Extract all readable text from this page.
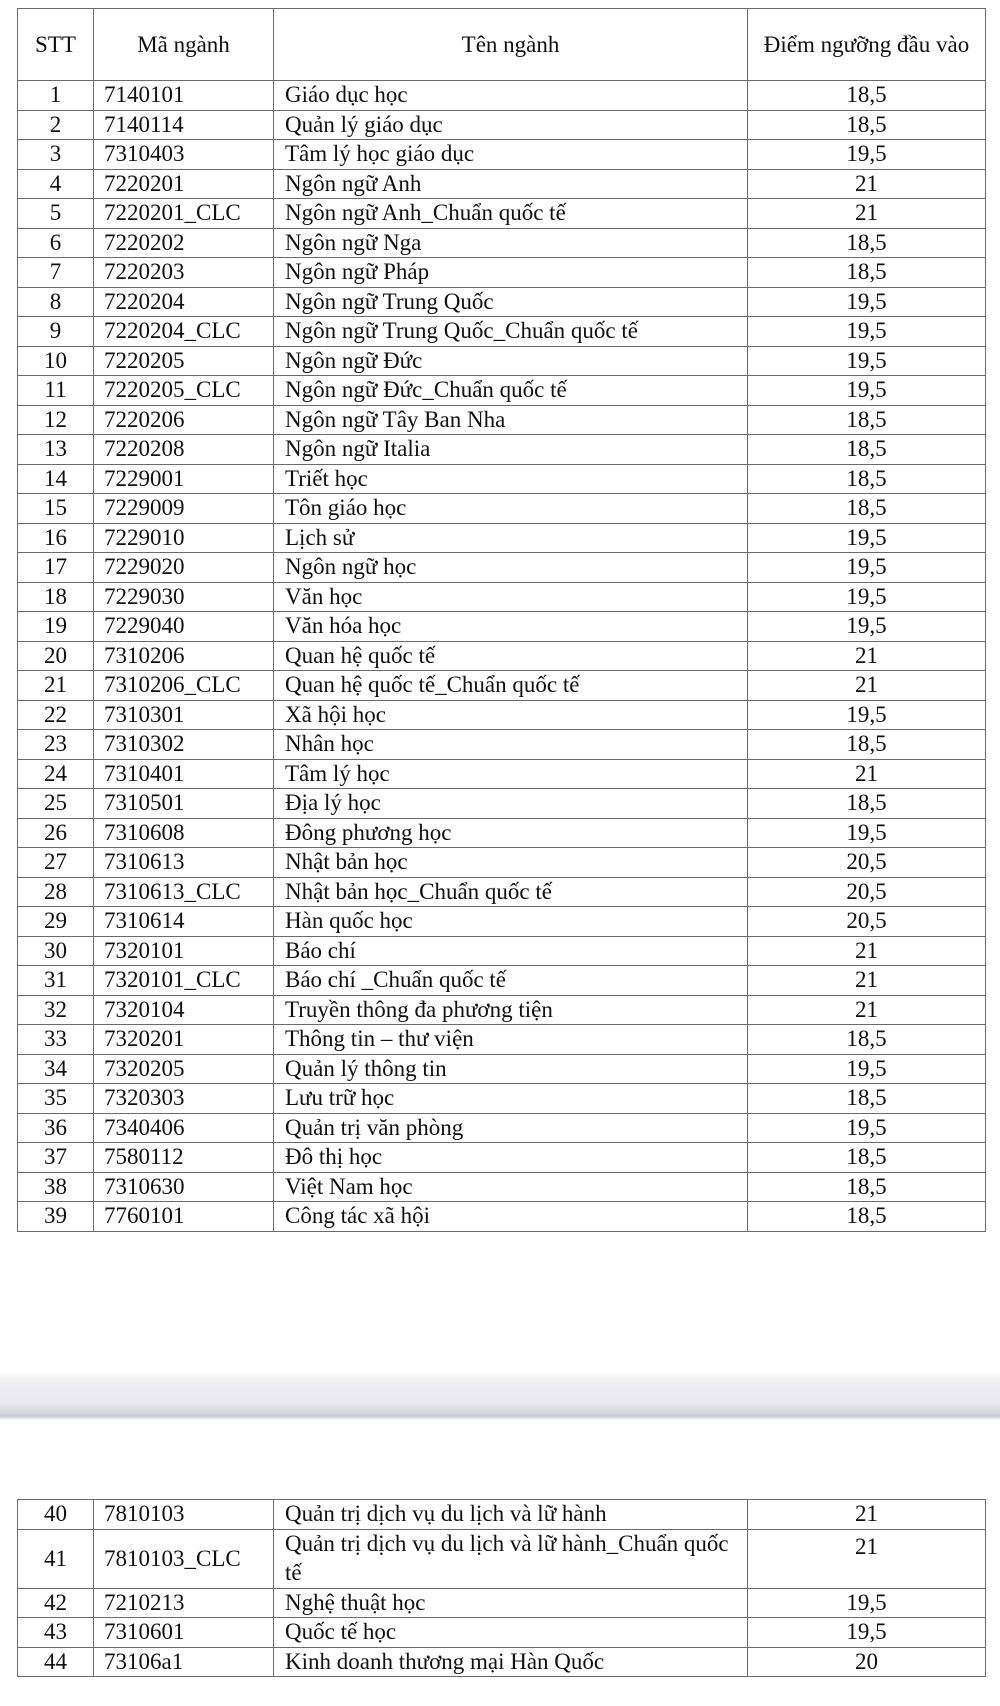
STT	Mã ngành	Tên ngành	Điểm ngưỡng đầu vào
1	7140101	Giáo dục học	18,5
2	7140114	Quản lý giáo dục	18,5
3	7310403	Tâm lý học giáo dục	19,5
4	7220201	Ngôn ngữ Anh	21
5	7220201_CLC	Ngôn ngữ Anh_Chuẩn quốc tế	21
6	7220202	Ngôn ngữ Nga	18,5
7	7220203	Ngôn ngữ Pháp	18,5
8	7220204	Ngôn ngữ Trung Quốc	19,5
9	7220204_CLC	Ngôn ngữ Trung Quốc_Chuẩn quốc tế	19,5
10	7220205	Ngôn ngữ Đức	19,5
11	7220205_CLC	Ngôn ngữ Đức_Chuẩn quốc tế	19,5
12	7220206	Ngôn ngữ Tây Ban Nha	18,5
13	7220208	Ngôn ngữ Italia	18,5
14	7229001	Triết học	18,5
15	7229009	Tôn giáo học	18,5
16	7229010	Lịch sử	19,5
17	7229020	Ngôn ngữ học	19,5
18	7229030	Văn học	19,5
19	7229040	Văn hóa học	19,5
20	7310206	Quan hệ quốc tế	21
21	7310206_CLC	Quan hệ quốc tế_Chuẩn quốc tế	21
22	7310301	Xã hội học	19,5
23	7310302	Nhân học	18,5
24	7310401	Tâm lý học	21
25	7310501	Địa lý học	18,5
26	7310608	Đông phương học	19,5
27	7310613	Nhật bản học	20,5
28	7310613_CLC	Nhật bản học_Chuẩn quốc tế	20,5
29	7310614	Hàn quốc học	20,5
30	7320101	Báo chí	21
31	7320101_CLC	Báo chí _Chuẩn quốc tế	21
32	7320104	Truyền thông đa phương tiện	21
33	7320201	Thông tin – thư viện	18,5
34	7320205	Quản lý thông tin	19,5
35	7320303	Lưu trữ học	18,5
36	7340406	Quản trị văn phòng	19,5
37	7580112	Đô thị học	18,5
38	7310630	Việt Nam học	18,5
39	7760101	Công tác xã hội	18,5
40	7810103	Quản trị dịch vụ du lịch và lữ hành	21
41	7810103_CLC	Quản trị dịch vụ du lịch và lữ hành_Chuẩn quốc tế	21
42	7210213	Nghệ thuật học	19,5
43	7310601	Quốc tế học	19,5
44	73106a1	Kinh doanh thương mại Hàn Quốc	20
